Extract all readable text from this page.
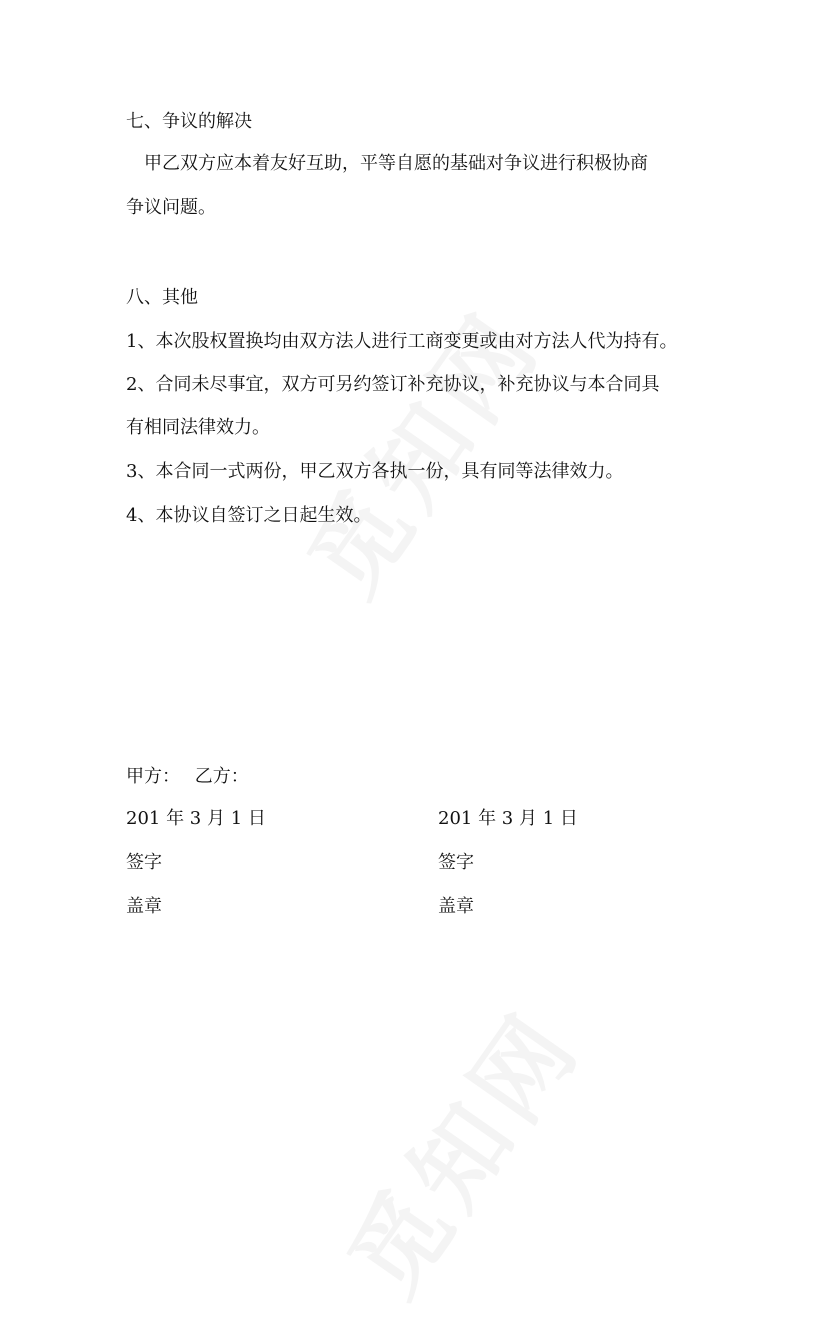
七、争议的解决
甲乙双方应本着友好互助，平等自愿的基础对争议进行积极协商
争议问题。
八、其他
1、本次股权置换均由双方法人进行工商变更或由对方法人代为持有。
2、合同未尽事宜，双方可另约签订补充协议，补充协议与本合同具
有相同法律效力。
3、本合同一式两份，甲乙双方各执一份，具有同等法律效力。
4、本协议自签订之日起生效。
甲方：　 乙方：
201 年 3 月 1 日	201 年 3 月 1 日
签字	签字
盖章	盖章
